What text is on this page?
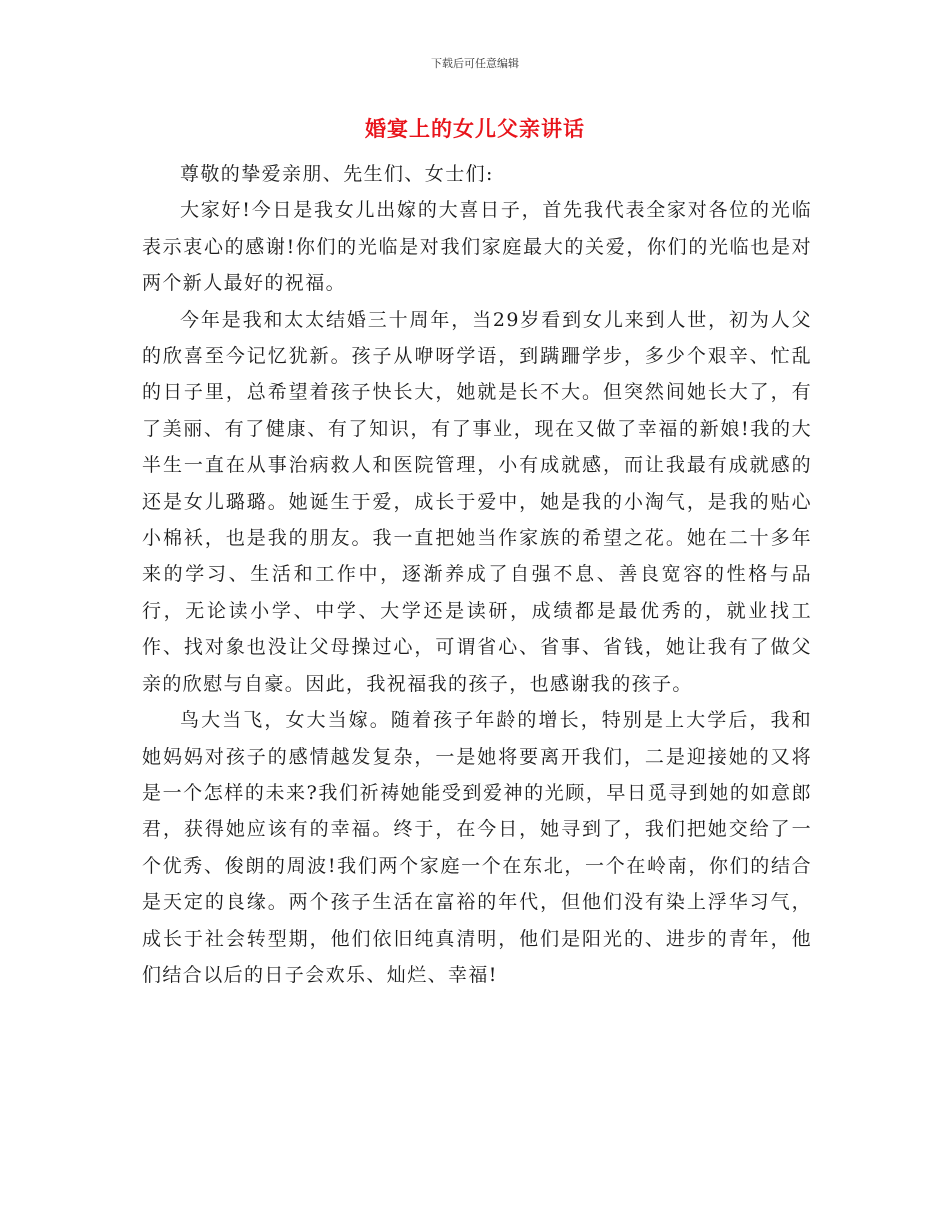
下载后可任意编辑
婚宴上的女儿父亲讲话

尊敬的挚爱亲朋、先生们、女士们:

大家好!今日是我女儿出嫁的大喜日子，首先我代表全家对各位的光临表示衷心的感谢!你们的光临是对我们家庭最大的关爱，你们的光临也是对两个新人最好的祝福。

今年是我和太太结婚三十周年，当29岁看到女儿来到人世，初为人父的欣喜至今记忆犹新。孩子从咿呀学语，到蹒跚学步，多少个艰辛、忙乱的日子里，总希望着孩子快长大，她就是长不大。但突然间她长大了，有了美丽、有了健康、有了知识，有了事业，现在又做了幸福的新娘!我的大半生一直在从事治病救人和医院管理，小有成就感，而让我最有成就感的还是女儿璐璐。她诞生于爱，成长于爱中，她是我的小淘气，是我的贴心小棉袄，也是我的朋友。我一直把她当作家族的希望之花。她在二十多年来的学习、生活和工作中，逐渐养成了自强不息、善良宽容的性格与品行，无论读小学、中学、大学还是读研，成绩都是最优秀的，就业找工作、找对象也没让父母操过心，可谓省心、省事、省钱，她让我有了做父亲的欣慰与自豪。因此，我祝福我的孩子，也感谢我的孩子。

鸟大当飞，女大当嫁。随着孩子年龄的增长，特别是上大学后，我和她妈妈对孩子的感情越发复杂，一是她将要离开我们，二是迎接她的又将是一个怎样的未来?我们祈祷她能受到爱神的光顾，早日觅寻到她的如意郎君，获得她应该有的幸福。终于，在今日，她寻到了，我们把她交给了一个优秀、俊朗的周波!我们两个家庭一个在东北，一个在岭南，你们的结合是天定的良缘。两个孩子生活在富裕的年代，但他们没有染上浮华习气，成长于社会转型期，他们依旧纯真清明，他们是阳光的、进步的青年，他们结合以后的日子会欢乐、灿烂、幸福!
